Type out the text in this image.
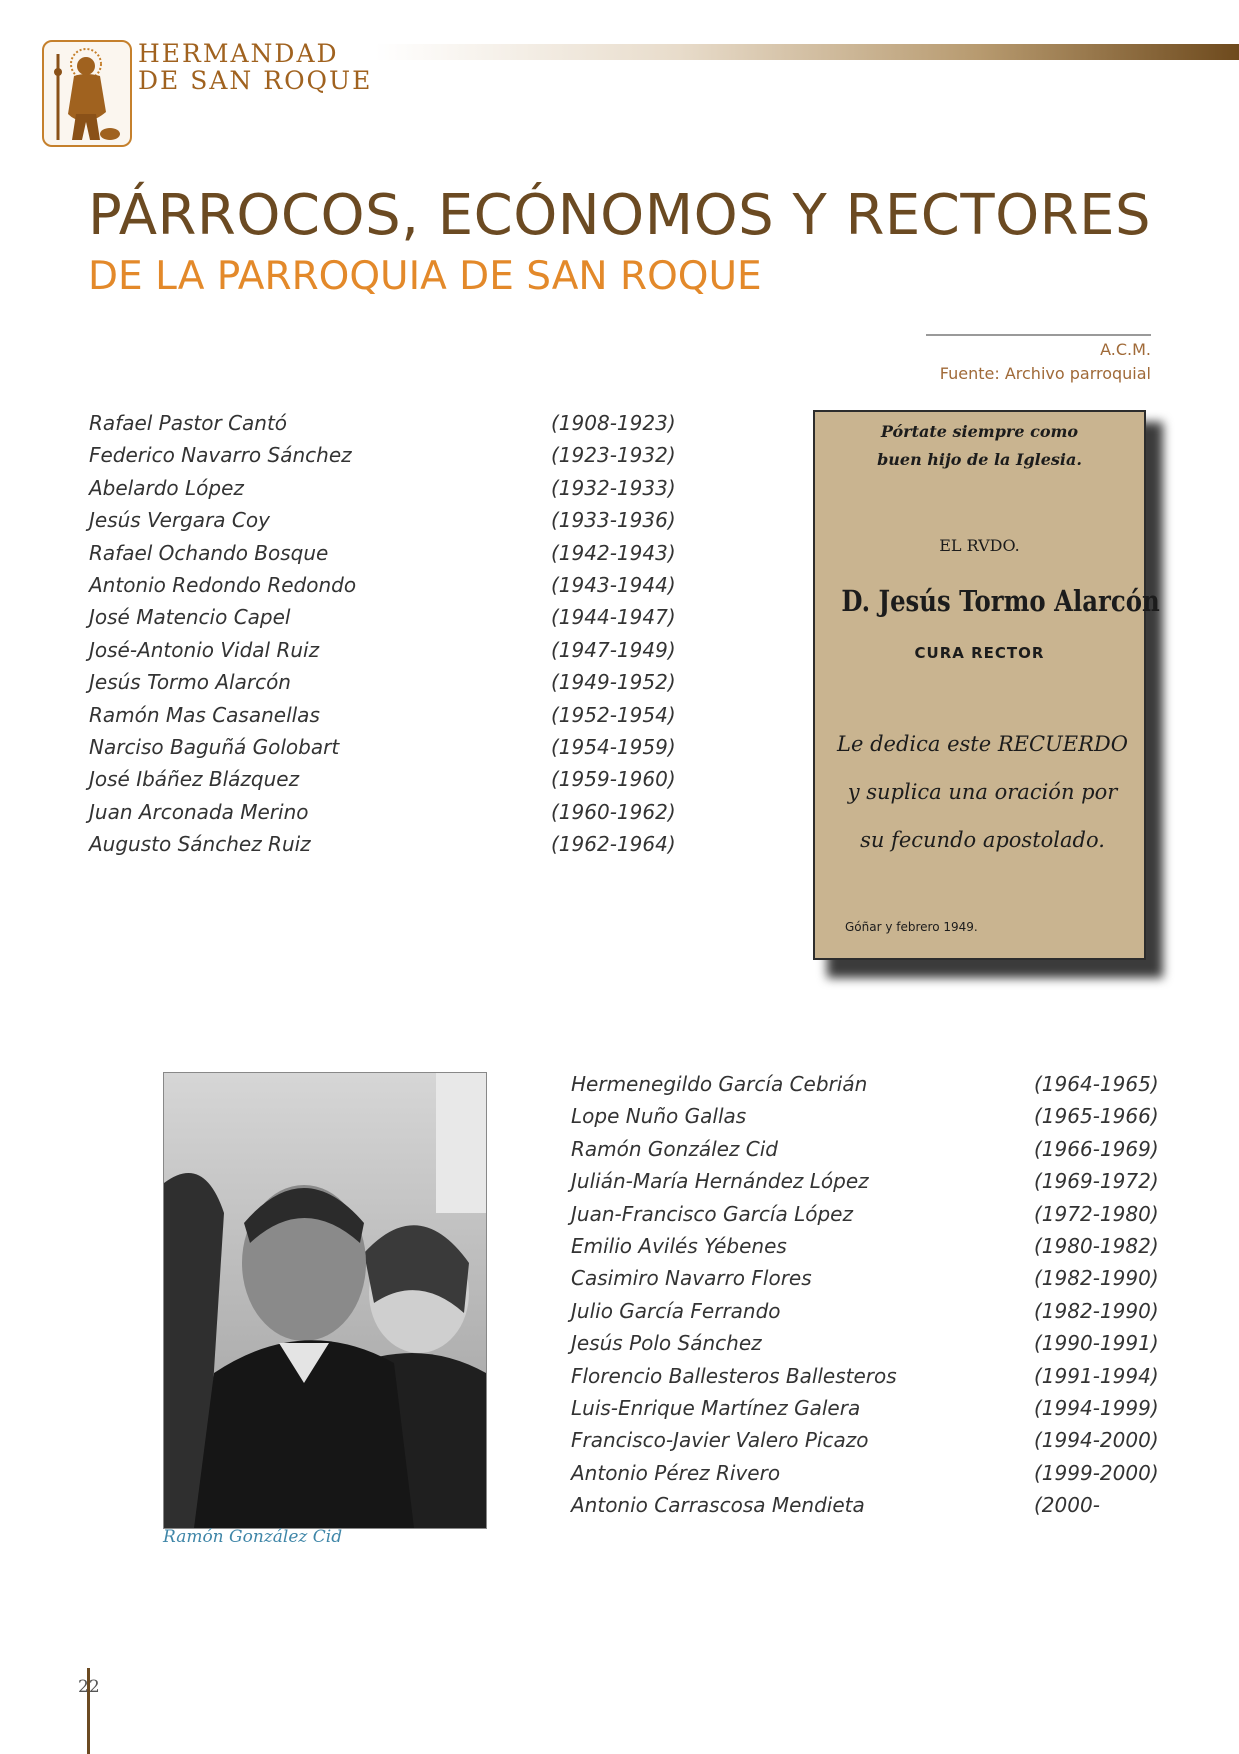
HERMANDAD
DE SAN ROQUE
PÁRROCOS, ECÓNOMOS Y RECTORES
DE LA PARROQUIA DE SAN ROQUE
A.C.M.
Fuente: Archivo parroquial
Rafael Pastor Cantó	(1908-1923)
Federico Navarro Sánchez	(1923-1932)
Abelardo López	(1932-1933)
Jesús Vergara Coy	(1933-1936)
Rafael Ochando Bosque	(1942-1943)
Antonio Redondo Redondo	(1943-1944)
José Matencio Capel	(1944-1947)
José-Antonio Vidal Ruiz	(1947-1949)
Jesús Tormo Alarcón	(1949-1952)
Ramón Mas Casanellas	(1952-1954)
Narciso Baguñá Golobart	(1954-1959)
José Ibáñez Blázquez	(1959-1960)
Juan Arconada Merino	(1960-1962)
Augusto Sánchez Ruiz	(1962-1964)
Pórtate siempre como
buen hijo de la Iglesia.
EL RVDO.
D. Jesús Tormo Alarcón
CURA RECTOR
Le dedica este RECUERDO
y suplica una oración por
su fecundo apostolado.
Góñar y febrero 1949.
Ramón González Cid
Hermenegildo García Cebrián	(1964-1965)
Lope Nuño Gallas	(1965-1966)
Ramón González Cid	(1966-1969)
Julián-María Hernández López	(1969-1972)
Juan-Francisco García López	(1972-1980)
Emilio Avilés Yébenes	(1980-1982)
Casimiro Navarro Flores	(1982-1990)
Julio García Ferrando	(1982-1990)
Jesús Polo Sánchez	(1990-1991)
Florencio Ballesteros Ballesteros	(1991-1994)
Luis-Enrique Martínez Galera	(1994-1999)
Francisco-Javier Valero Picazo	(1994-2000)
Antonio Pérez Rivero	(1999-2000)
Antonio Carrascosa Mendieta	(2000-
22
